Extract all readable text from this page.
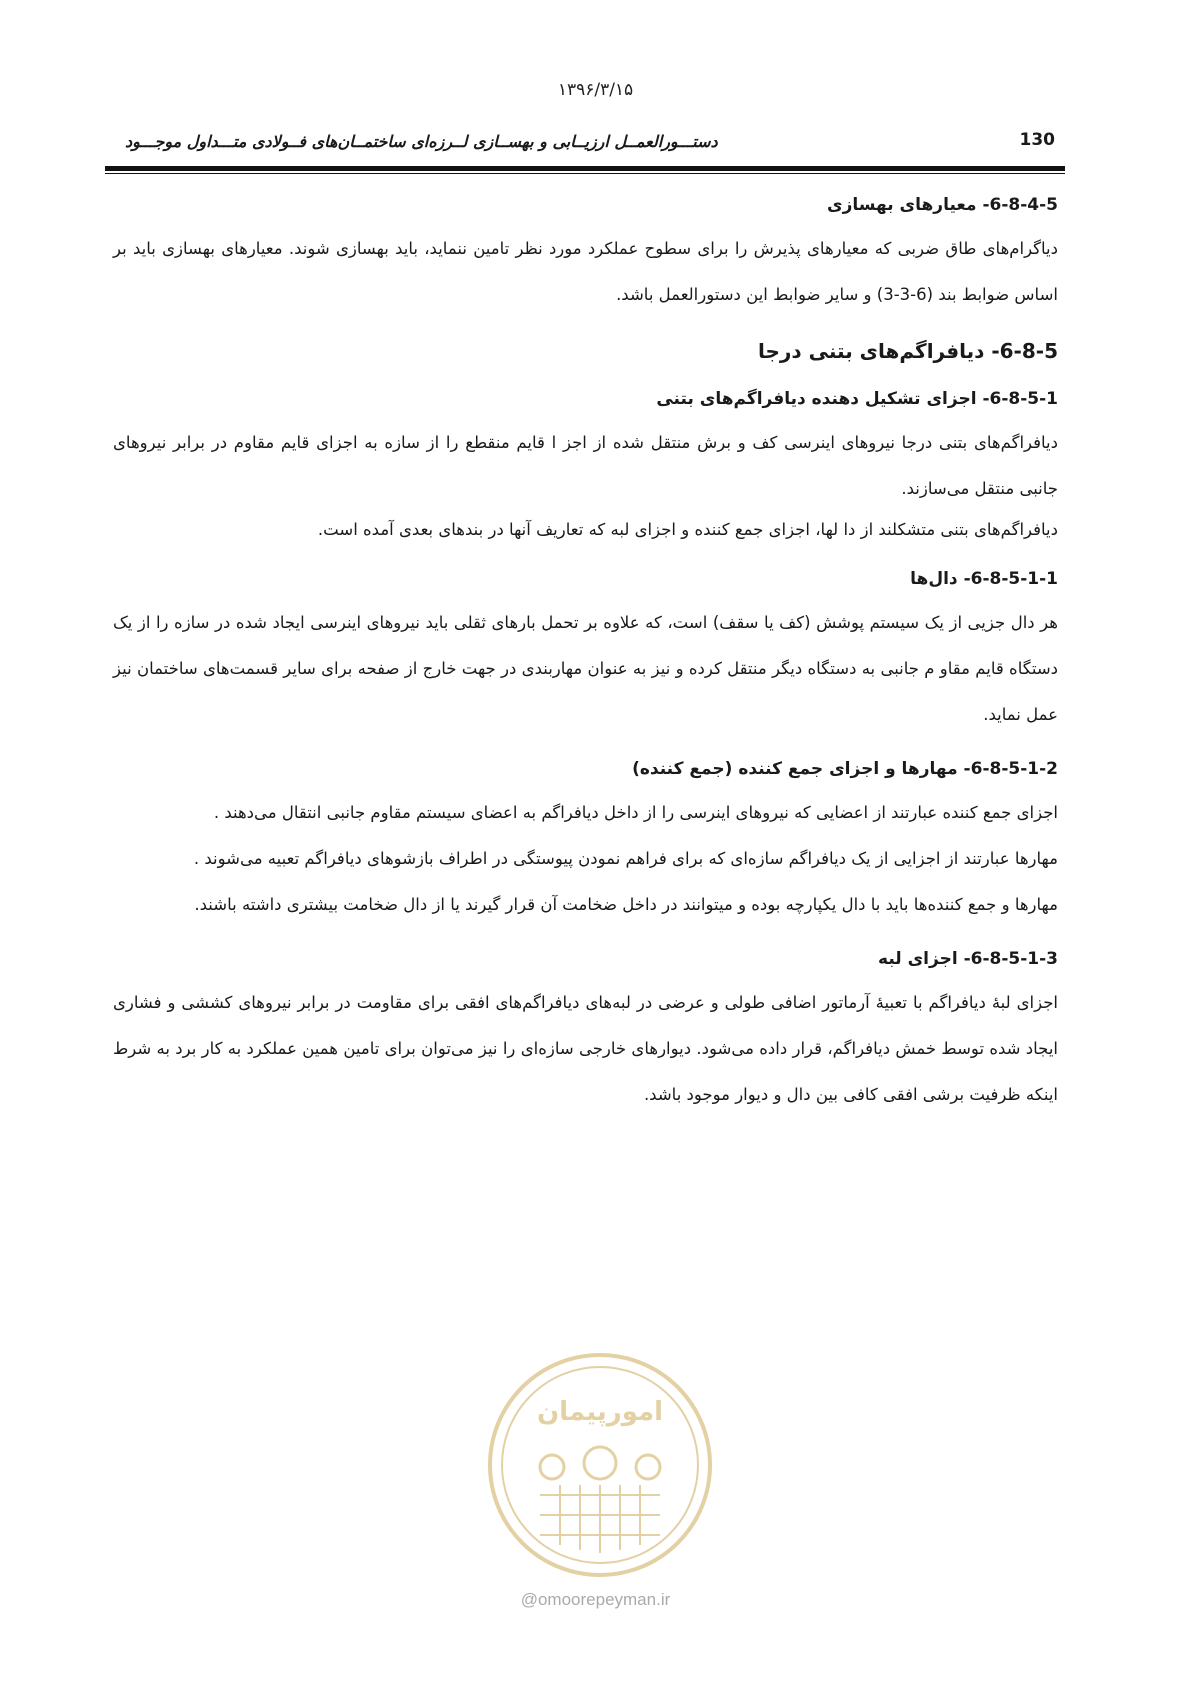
۱۳۹۶/۳/۱۵
دستـــورالعمــل ارزیــابی و بهســازی لــرزه‌ای ساختمــان‌های فــولادی متـــداول موجـــود	130
6-8-4-5- معیارهای بهسازی

دیاگرام‌های طاق ضربی که معیارهای پذیرش را برای سطوح عملکرد مورد نظر تامین ننماید، باید بهسازی شوند. معیارهای بهسازی باید بر اساس ضوابط بند (6-3-3) و سایر ضوابط این دستورالعمل باشد.

6-8-5- دیافراگم‌های بتنی درجا
6-8-5-1- اجزای تشکیل دهنده دیافراگم‌های بتنی

دیافراگم‌های بتنی درجا نیروهای اینرسی کف و برش منتقل شده از اجز ا قایم منقطع را از سازه به اجزای قایم مقاوم در برابر نیروهای جانبی منتقل می‌سازند.

دیافراگم‌های بتنی متشکلند از دا لها، اجزای جمع کننده و اجزای لبه که تعاریف آنها در بندهای بعدی آمده است.

6-8-5-1-1- دال‌ها

هر دال جزیی از یک سیستم پوشش (کف یا سقف) است، که علاوه بر تحمل بارهای ثقلی باید نیروهای اینرسی ایجاد شده در سازه را از یک دستگاه قایم مقاو م جانبی به دستگاه دیگر منتقل کرده و نیز به عنوان مهاربندی در جهت خارج از صفحه برای سایر قسمت‌های ساختمان نیز عمل نماید.

6-8-5-1-2- مهارها و اجزای جمع کننده (جمع کننده)

اجزای جمع کننده عبارتند از اعضایی که نیروهای اینرسی را از داخل دیافراگم به اعضای سیستم مقاوم جانبی انتقال می‌دهند .

مهارها عبارتند از اجزایی از یک دیافراگم سازه‌ای که برای فراهم نمودن پیوستگی در اطراف بازشوهای دیافراگم تعبیه می‌شوند .

مهارها و جمع کننده‌ها باید با دال یکپارچه بوده و میتوانند در داخل ضخامت آن قرار گیرند یا از دال ضخامت بیشتری داشته باشند.

6-8-5-1-3- اجزای لبه

اجزای لبهٔ دیافراگم با تعبیهٔ آرماتور اضافی طولی و عرضی در لبه‌های دیافراگم‌های افقی برای مقاومت در برابر نیروهای کششی و فشاری ایجاد شده توسط خمش دیافراگم، قرار داده می‌شود. دیوارهای خارجی سازه‌ای را نیز می‌توان برای تامین همین عملکرد به کار برد به شرط اینکه ظرفیت برشی افقی کافی بین دال و دیوار موجود باشد.

امورپیمان
@omoorepeyman.ir
